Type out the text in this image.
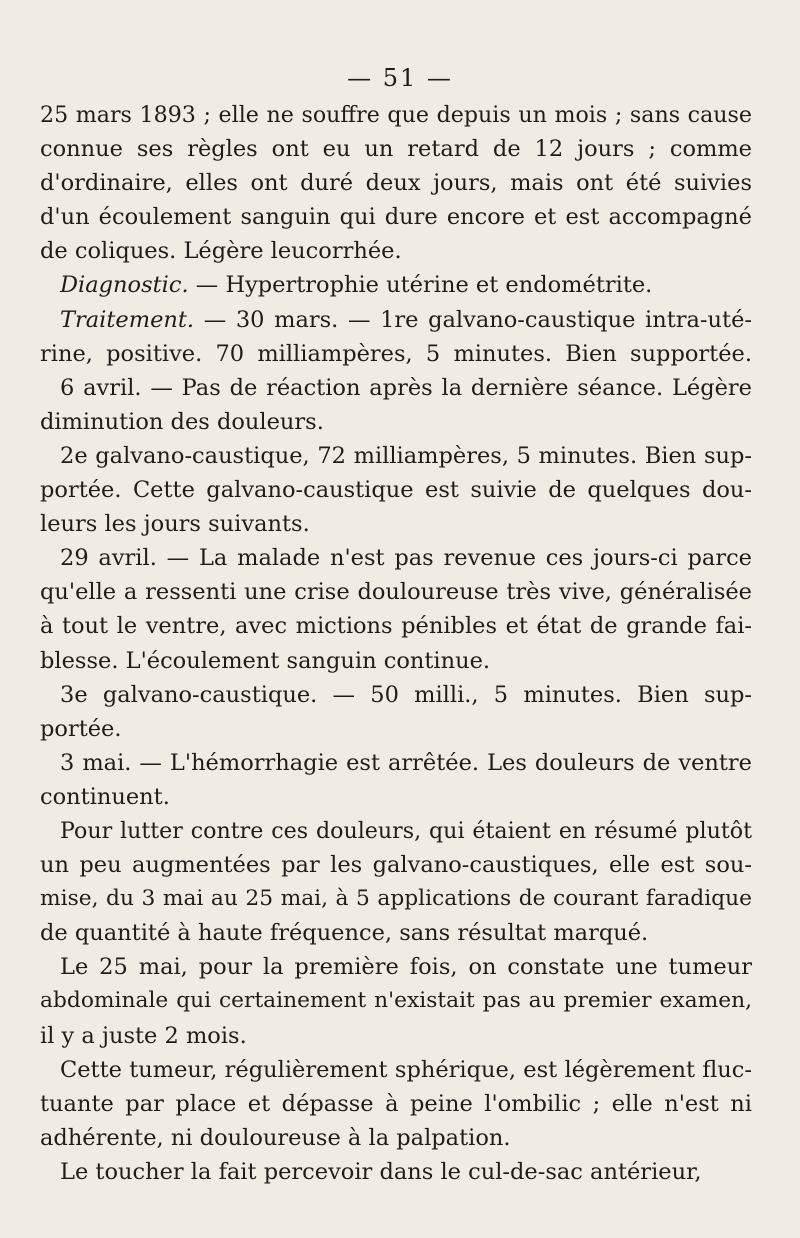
— 51 —
25 mars 1893 ; elle ne souffre que depuis un mois ; sans cause
connue ses règles ont eu un retard de 12 jours ; comme
d'ordinaire, elles ont duré deux jours, mais ont été suivies
d'un écoulement sanguin qui dure encore et est accompagné
de coliques. Légère leucorrhée.
Diagnostic. — Hypertrophie utérine et endométrite.
Traitement. — 30 mars. — 1re galvano-caustique intra-uté-
rine, positive. 70 milliampères, 5 minutes. Bien supportée.
6 avril. — Pas de réaction après la dernière séance. Légère
diminution des douleurs.
2e galvano-caustique, 72 milliampères, 5 minutes. Bien sup-
portée. Cette galvano-caustique est suivie de quelques dou-
leurs les jours suivants.
29 avril. — La malade n'est pas revenue ces jours-ci parce
qu'elle a ressenti une crise douloureuse très vive, généralisée
à tout le ventre, avec mictions pénibles et état de grande fai-
blesse. L'écoulement sanguin continue.
3e galvano-caustique. — 50 milli., 5 minutes. Bien sup-
portée.
3 mai. — L'hémorrhagie est arrêtée. Les douleurs de ventre
continuent.
Pour lutter contre ces douleurs, qui étaient en résumé plutôt
un peu augmentées par les galvano-caustiques, elle est sou-
mise, du 3 mai au 25 mai, à 5 applications de courant faradique
de quantité à haute fréquence, sans résultat marqué.
Le 25 mai, pour la première fois, on constate une tumeur
abdominale qui certainement n'existait pas au premier examen,
il y a juste 2 mois.
Cette tumeur, régulièrement sphérique, est légèrement fluc-
tuante par place et dépasse à peine l'ombilic ; elle n'est ni
adhérente, ni douloureuse à la palpation.
Le toucher la fait percevoir dans le cul-de-sac antérieur,
